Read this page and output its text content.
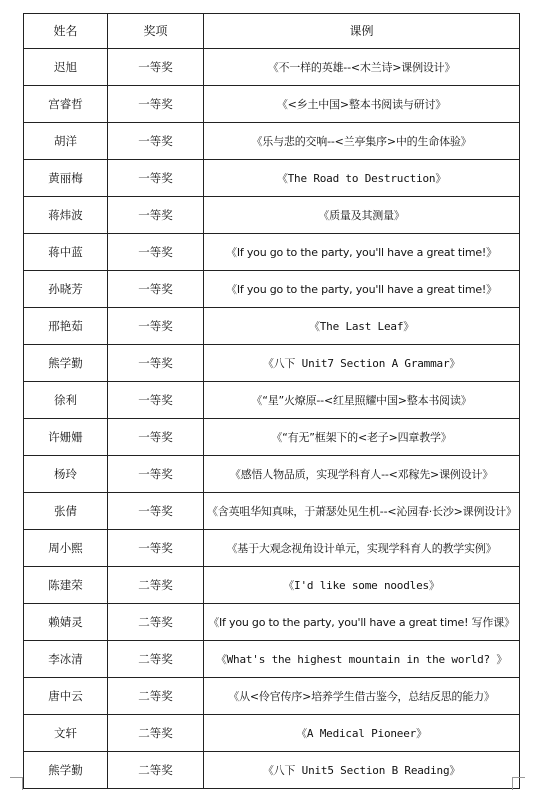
姓名	奖项	课例
迟旭	一等奖	《不一样的英雄--<木兰诗>课例设计》
宫睿哲	一等奖	《<乡土中国>整本书阅读与研讨》
胡洋	一等奖	《乐与悲的交响--<兰亭集序>中的生命体验》
黄丽梅	一等奖	《The Road to Destruction》
蒋炜波	一等奖	《质量及其测量》
蒋中蓝	一等奖	《If you go to the party, you'll have a great time!》
孙晓芳	一等奖	《If you go to the party, you'll have a great time!》
邢艳茹	一等奖	《The Last Leaf》
熊学勤	一等奖	《八下 Unit7 Section A Grammar》
徐利	一等奖	《“星”火燎原--<红星照耀中国>整本书阅读》
许姗姗	一等奖	《“有无”框架下的<老子>四章教学》
杨玲	一等奖	《感悟人物品质，实现学科育人--<邓稼先>课例设计》
张倩	一等奖	《含英咀华知真味，于萧瑟处见生机--<沁园春·长沙>课例设计》
周小熙	一等奖	《基于大观念视角设计单元，实现学科育人的教学实例》
陈建荣	二等奖	《I'd like some noodles》
赖婧灵	二等奖	《If you go to the party, you'll have a great time! 写作课》
李冰清	二等奖	《What's the highest mountain in the world? 》
唐中云	二等奖	《从<伶官传序>培养学生借古鉴今，总结反思的能力》
文轩	二等奖	《A Medical Pioneer》
熊学勤	二等奖	《八下 Unit5 Section B Reading》
